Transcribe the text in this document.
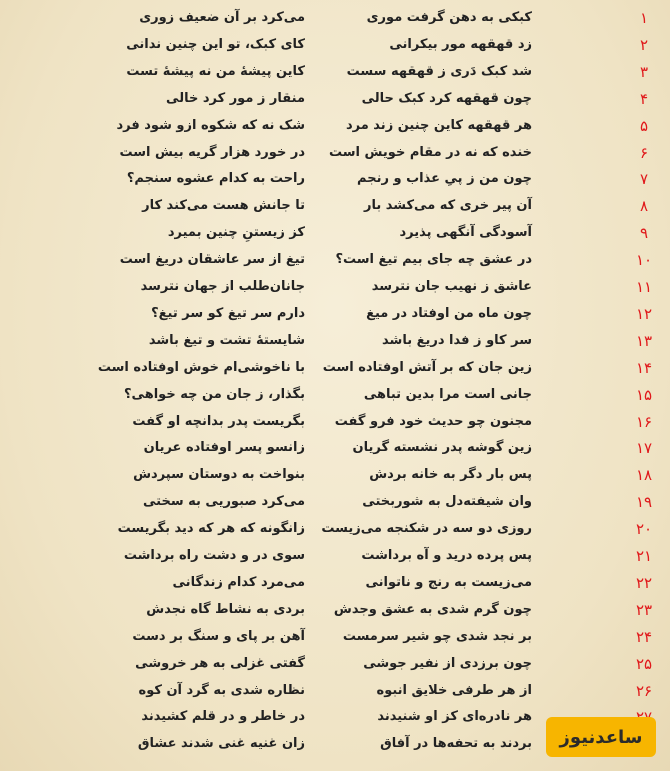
۱
کبکی به دهن گرفت موری
می‌کرد بر آن ضعیف زوری
۲
زد قهقهه مور بیکرانی
کای کبک، تو این چنین ندانی
۳
شد کبک دَری ز قهقهه سست
کاین پیشهٔ من نه پیشهٔ تست
۴
چون قهقهه کرد کبک حالی
منقار ز مور کرد خالی
۵
هر قهقهه کاین چنین زند مرد
شک نه که شکوه ازو شود فرد
۶
خنده که نه در مقام خویش است
در خورد هزار گریه بیش است
۷
چون من ز پیِ عذاب و رنجم
راحت به کدام عشوه سنجم؟
۸
آن پیر خری که می‌کشد بار
تا جانش هست می‌کند کار
۹
آسودگی آنگهی پذیرد
کز زیستنِ چنین بمیرد
۱۰
در عشق چه جای بیم تیغ است؟
تیغ از سر عاشقان دریغ است
۱۱
عاشق ز نهیب جان نترسد
جانان‌طلب از جهان نترسد
۱۲
چون ماه من اوفتاد در میغ
دارم سر تیغ کو سر تیغ؟
۱۳
سر کاو ز فدا دریغ باشد
شایستهٔ تشت و تیغ باشد
۱۴
زین جان که بر آتش اوفتاده است
با ناخوشی‌ام خوش اوفتاده است
۱۵
جانی است مرا بدین تباهی
بگذار، ز جان من چه خواهی؟
۱۶
مجنون چو حدیث خود فرو گفت
بگریست پدر بدانچه او گفت
۱۷
زین گوشه پدر نشسته گریان
زانسو پسر اوفتاده عریان
۱۸
پس بار دگر به خانه بردش
بنواخت به دوستان سپردش
۱۹
وان شیفته‌دل به شوربختی
می‌کرد صبوریی به سختی
۲۰
روزی دو سه در شکنجه می‌زیست
زانگونه که هر که دید بگریست
۲۱
پس پرده درید و آه برداشت
سوی در و دشت راه برداشت
۲۲
می‌زیست به رنج و ناتوانی
می‌مرد کدام زندگانی
۲۳
چون گرم شدی به عشق وجدش
بردی به نشاط گاه نجدش
۲۴
بر نجد شدی چو شیر سرمست
آهن بر پای و سنگ بر دست
۲۵
چون برزدی از نفیر جوشی
گفتی غزلی به هر خروشی
۲۶
از هر طرفی خلایق انبوه
نظاره شدی به گرد آن کوه
هر نادره‌ای کز او شنیدند
در خاطر و در قلم کشیدند
بردند به تحفه‌ها در آفاق
زان غنیه غنی شدند عشاق	ساعدنیوز
